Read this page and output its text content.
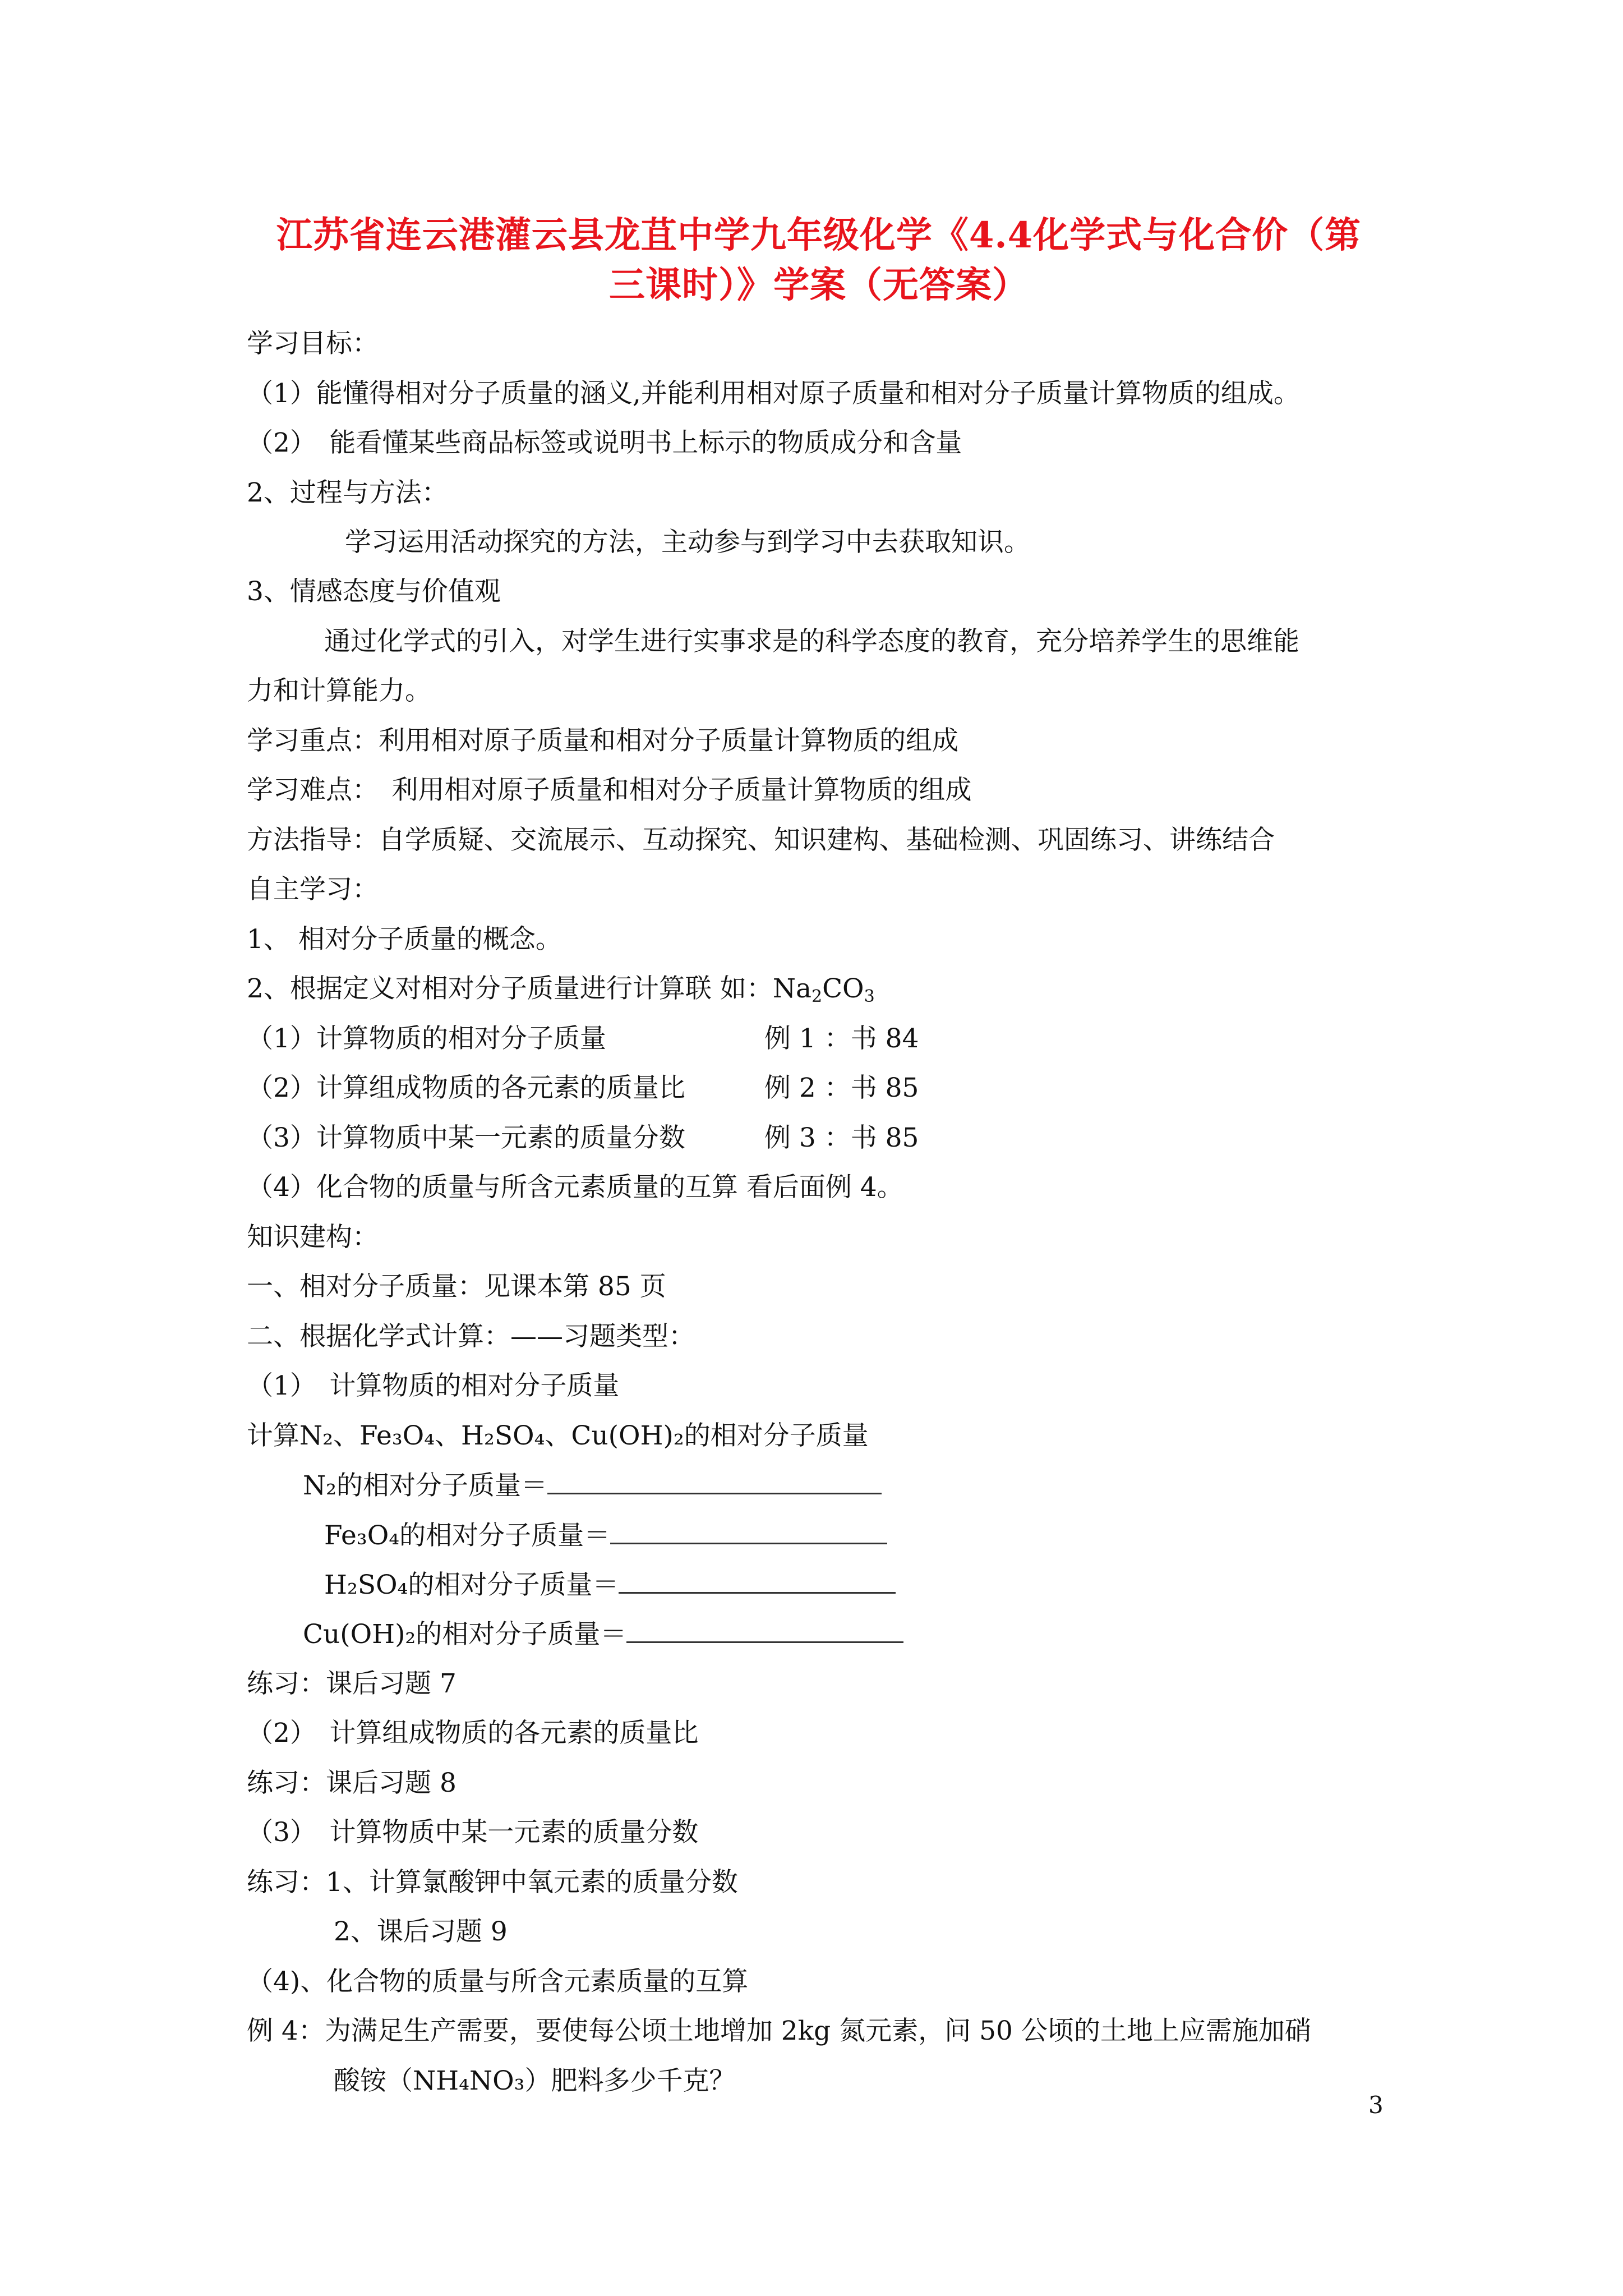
江苏省连云港灌云县龙苴中学九年级化学《4.4化学式与化合价（第
三课时）》学案（无答案）
学习目标：
（1）能懂得相对分子质量的涵义,并能利用相对原子质量和相对分子质量计算物质的组成。
（2）　能看懂某些商品标签或说明书上标示的物质成分和含量
2、过程与方法：
学习运用活动探究的方法，主动参与到学习中去获取知识。
3、情感态度与价值观
通过化学式的引入，对学生进行实事求是的科学态度的教育，充分培养学生的思维能
力和计算能力。
学习重点：利用相对原子质量和相对分子质量计算物质的组成
学习难点：　利用相对原子质量和相对分子质量计算物质的组成
方法指导：自学质疑、交流展示、互动探究、知识建构、基础检测、巩固练习、讲练结合
自主学习：
1、 相对分子质量的概念。
2、根据定义对相对分子质量进行计算联 如：$Na_2CO_3$
（1）计算物质的相对分子质量　　　　　　例 1 ：书 84
（2）计算组成物质的各元素的质量比　　　例 2 ：书 85
（3）计算物质中某一元素的质量分数　　　例 3 ：书 85
（4）化合物的质量与所含元素质量的互算 看后面例 4。
知识建构：
一、相对分子质量：见课本第 85 页
二、根据化学式计算：——习题类型：
（1）　计算物质的相对分子质量
计算N₂、Fe₃O₄、H₂SO₄、Cu(OH)₂的相对分子质量
N₂的相对分子质量＝
Fe₃O₄的相对分子质量＝
H₂SO₄的相对分子质量＝
Cu(OH)₂的相对分子质量＝
练习：课后习题 7
（2）　计算组成物质的各元素的质量比
练习：课后习题 8
（3）　计算物质中某一元素的质量分数
练习：1、计算氯酸钾中氧元素的质量分数
2、课后习题 9
（4)、化合物的质量与所含元素质量的互算
例 4：为满足生产需要，要使每公顷土地增加 2kg 氮元素，问 50 公顷的土地上应需施加硝
酸铵（NH₄NO₃）肥料多少千克？
3
